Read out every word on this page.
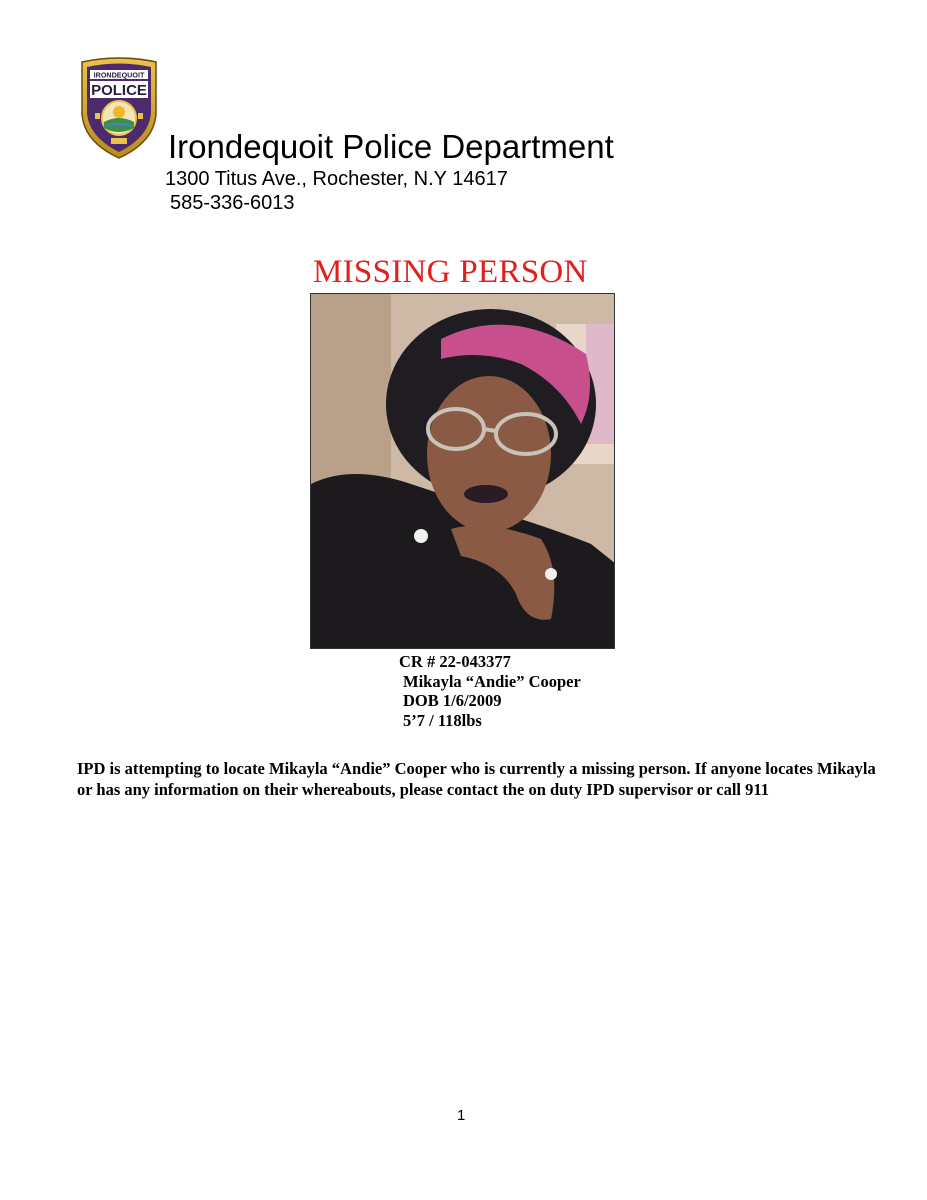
IRONDEQUOIT
POLICE
Irondequoit Police Department
1300 Titus Ave., Rochester, N.Y 14617
585-336-6013
MISSING PERSON
CR # 22-043377
Mikayla “Andie” Cooper
DOB 1/6/2009
5’7 / 118lbs
IPD is attempting to locate Mikayla “Andie” Cooper who is currently a missing person. If anyone locates Mikayla or has any information on their whereabouts, please contact the on duty IPD supervisor or call 911
1
